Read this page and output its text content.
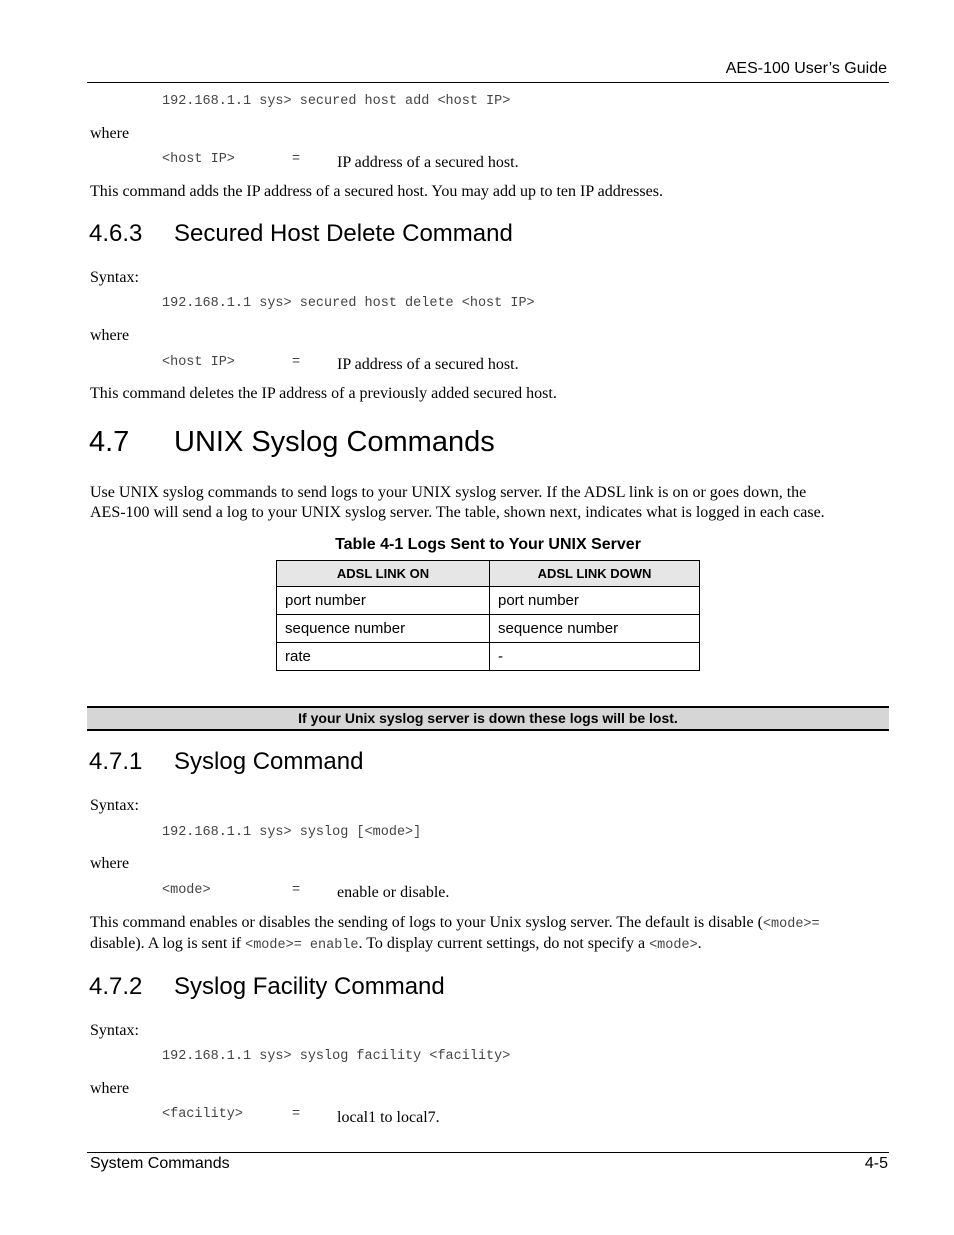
AES-100 User’s Guide
192.168.1.1 sys> secured host add <host IP>
where
<host IP>	= IP address of a secured host.
This command adds the IP address of a secured host. You may add up to ten IP addresses.
4.6.3 Secured Host Delete Command
Syntax:
192.168.1.1 sys> secured host delete <host IP>
where
<host IP>	= IP address of a secured host.
This command deletes the IP address of a previously added secured host.
4.7 UNIX Syslog Commands
Use UNIX syslog commands to send logs to your UNIX syslog server. If the ADSL link is on or goes down, the
AES-100 will send a log to your UNIX syslog server. The table, shown next, indicates what is logged in each case.
Table 4-1 Logs Sent to Your UNIX Server
ADSL LINK ON	ADSL LINK DOWN
port number	port number
sequence number	sequence number
rate	-
If your Unix syslog server is down these logs will be lost.
4.7.1 Syslog Command
Syntax:
192.168.1.1 sys> syslog [<mode>]
where
<mode>	= enable or disable.
This command enables or disables the sending of logs to your Unix syslog server. The default is disable (<mode>=
disable). A log is sent if <mode>= enable. To display current settings, do not specify a <mode>.
4.7.2 Syslog Facility Command
Syntax:
192.168.1.1 sys> syslog facility <facility>
where
<facility>	= local1 to local7.
System Commands	4-5
